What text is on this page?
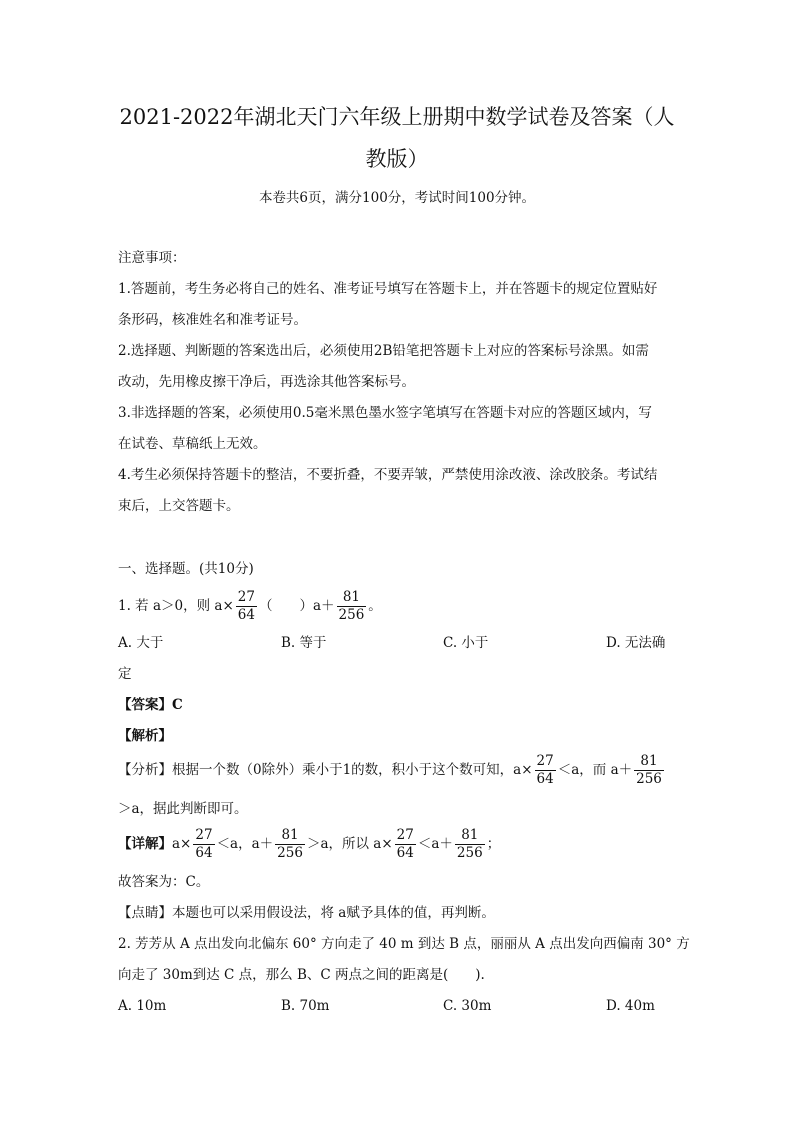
2021-2022年湖北天门六年级上册期中数学试卷及答案（人
教版）
本卷共6页，满分100分，考试时间100分钟。
注意事项：
1.答题前，考生务必将自己的姓名、准考证号填写在答题卡上，并在答题卡的规定位置贴好
条形码，核准姓名和准考证号。
2.选择题、判断题的答案选出后，必须使用2B铅笔把答题卡上对应的答案标号涂黑。如需
改动，先用橡皮擦干净后，再选涂其他答案标号。
3.非选择题的答案，必须使用0.5毫米黑色墨水签字笔填写在答题卡对应的答题区域内，写
在试卷、草稿纸上无效。
4.考生必须保持答题卡的整洁，不要折叠，不要弄皱，严禁使用涂改液、涂改胶条。考试结
束后，上交答题卡。
一、选择题。(共10分)
1. 若 a＞0，则 $a\times \frac{27}{64}$ （　　）$a+ \frac{81}{256}$ 。
A. 大于	B. 等于	C. 小于	D. 无法确
定
【答案】C
【解析】
【分析】根据一个数（0除外）乘小于1的数，积小于这个数可知，$a\times \frac{27}{64} <a$，而 $a+ \frac{81}{256}$
＞a，据此判断即可。
【详解】$a\times \frac{27}{64} <a$，$a+ \frac{81}{256} >a$，所以 $a\times \frac{27}{64} <a+ \frac{81}{256}$ ；
故答案为：C。
【点睛】本题也可以采用假设法，将 a赋予具体的值，再判断。
2. 芳芳从 A 点出发向北偏东 60° 方向走了 40 m 到达 B 点，丽丽从 A 点出发向西偏南 30° 方
向走了 30m到达 C 点，那么 B、C 两点之间的距离是(　　).
A. 10m	B. 70m	C. 30m	D. 40m
